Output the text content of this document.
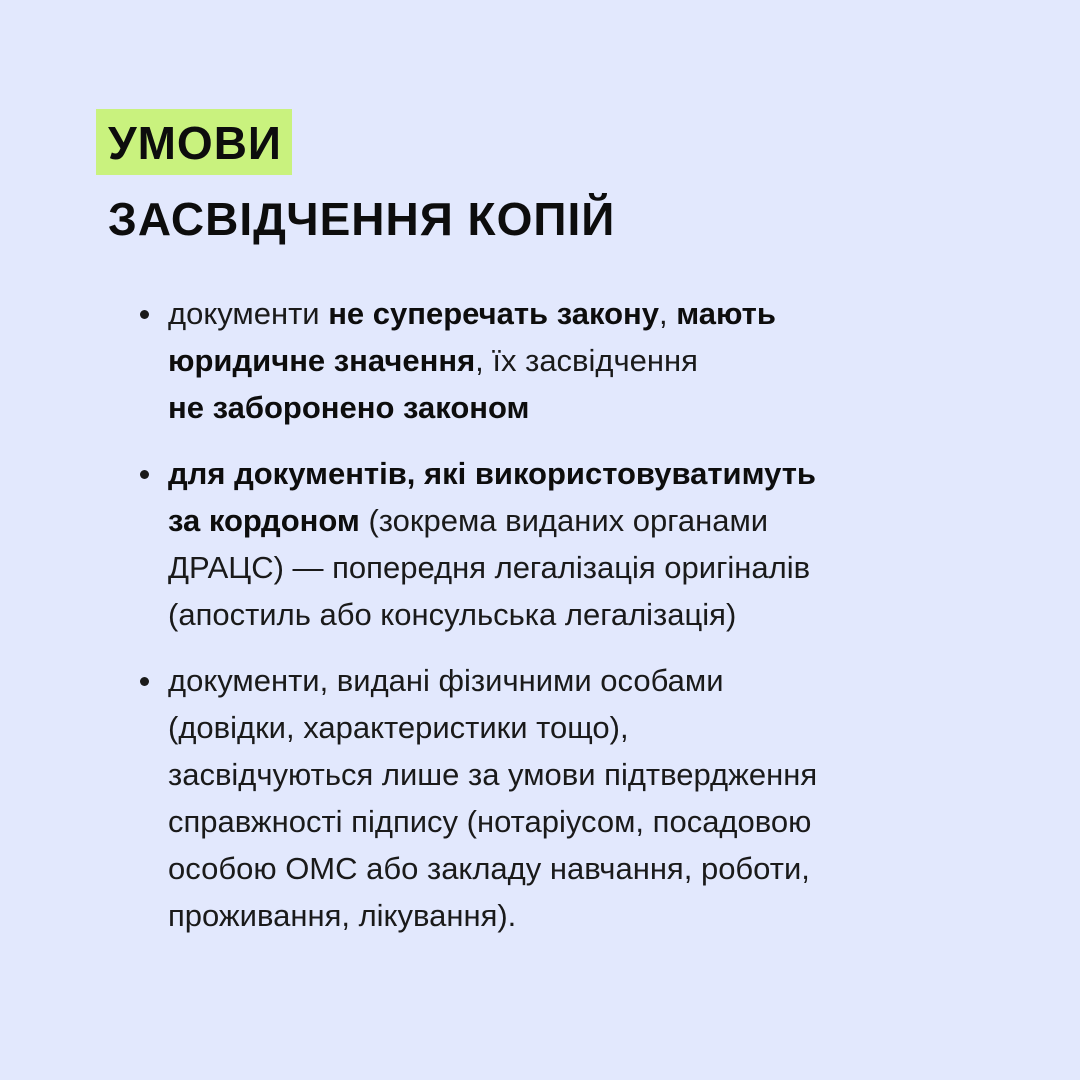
УМОВИ
ЗАСВІДЧЕННЯ КОПІЙ
документи не суперечать закону, мають
юридичне значення, їх засвідчення
не заборонено законом
для документів, які використовуватимуть
за кордоном (зокрема виданих органами
ДРАЦС) — попередня легалізація оригіналів
(апостиль або консульська легалізація)
документи, видані фізичними особами
(довідки, характеристики тощо),
засвідчуються лише за умови підтвердження
справжності підпису (нотаріусом, посадовою
особою ОМС або закладу навчання, роботи,
проживання, лікування).
